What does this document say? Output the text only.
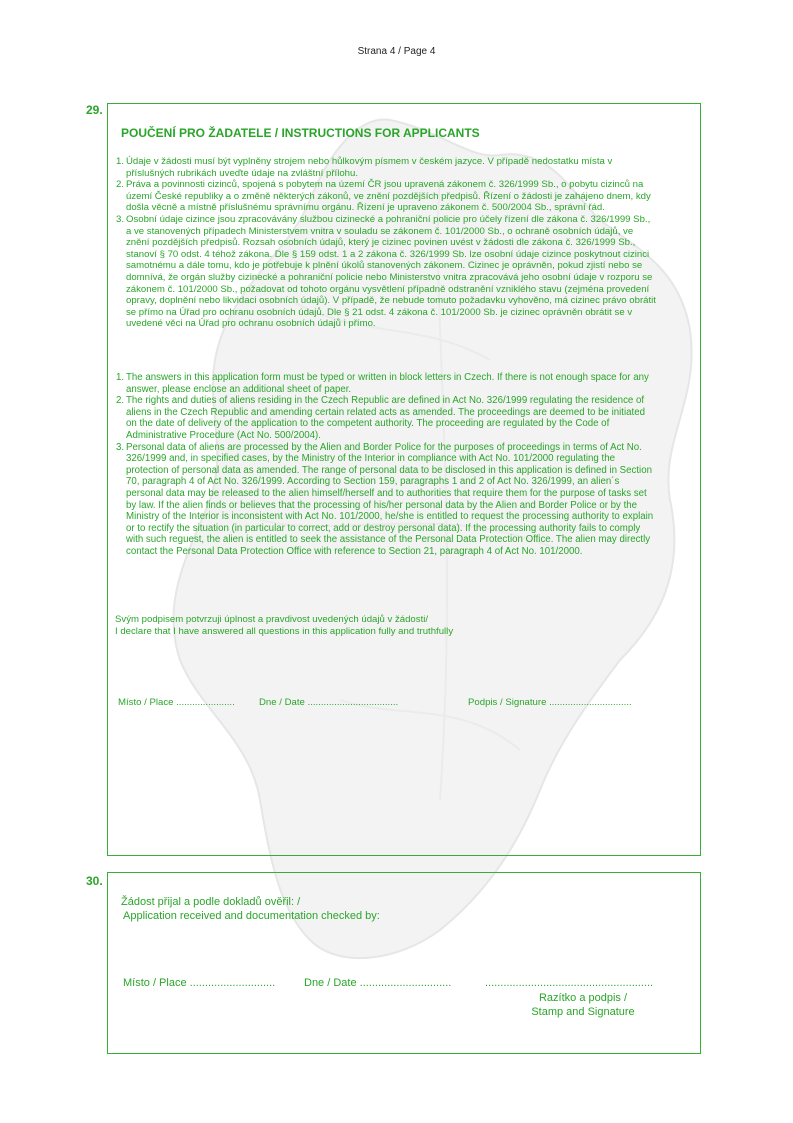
Strana 4 / Page 4
29.
POUČENÍ PRO ŽADATELE / INSTRUCTIONS FOR APPLICANTS
1. Údaje v žádosti musí být vyplněny strojem nebo hůlkovým písmem v českém jazyce. V případě nedostatku místa v příslušných rubrikách uveďte údaje na zvláštní přílohu.
2. Práva a povinnosti cizinců, spojená s pobytem na území ČR jsou upravená zákonem č. 326/1999 Sb., o pobytu cizinců na území České republiky a o změně některých zákonů, ve znění pozdějších předpisů. Řízení o žádosti je zahájeno dnem, kdy došla věcně a místně příslušnému správnímu orgánu. Řízení je upraveno zákonem č. 500/2004 Sb., správní řád.
3. Osobní údaje cizince jsou zpracovávány službou cizinecké a pohraniční policie pro účely řízení dle zákona č. 326/1999 Sb., a ve stanovených případech Ministerstvem vnitra v souladu se zákonem č. 101/2000 Sb., o ochraně osobních údajů, ve znění pozdějších předpisů. Rozsah osobních údajů, který je cizinec povinen uvést v žádosti dle zákona č. 326/1999 Sb., stanoví § 70 odst. 4 téhož zákona. Dle § 159 odst. 1 a 2 zákona č. 326/1999 Sb. lze osobní údaje cizince poskytnout cizinci samotnému a dále tomu, kdo je potřebuje k plnění úkolů stanovených zákonem. Cizinec je oprávněn, pokud zjistí nebo se domnívá, že orgán služby cizinecké a pohraniční policie nebo Ministerstvo vnitra zpracovává jeho osobní údaje v rozporu se zákonem č. 101/2000 Sb., požadovat od tohoto orgánu vysvětlení případně odstranění vzniklého stavu (zejména provedení opravy, doplnění nebo likvidaci osobních údajů). V případě, že nebude tomuto požadavku vyhověno, má cizinec právo obrátit se přímo na Úřad pro ochranu osobních údajů. Dle § 21 odst. 4 zákona č. 101/2000 Sb. je cizinec oprávněn obrátit se v uvedené věci na Úřad pro ochranu osobních údajů i přímo.
1. The answers in this application form must be typed or written in block letters in Czech. If there is not enough space for any answer, please enclose an additional sheet of paper.
2. The rights and duties of aliens residing in the Czech Republic are defined in Act No. 326/1999 regulating the residence of aliens in the Czech Republic and amending certain related acts as amended. The proceedings are deemed to be initiated on the date of delivery of the application to the competent authority. The proceeding are regulated by the Code of Administrative Procedure (Act No. 500/2004).
3. Personal data of aliens are processed by the Alien and Border Police for the purposes of proceedings in terms of Act No. 326/1999 and, in specified cases, by the Ministry of the Interior in compliance with Act No. 101/2000 regulating the protection of personal data as amended. The range of personal data to be disclosed in this application is defined in Section 70, paragraph 4 of Act No. 326/1999. According to Section 159, paragraphs 1 and 2 of Act No. 326/1999, an alien´s personal data may be released to the alien himself/herself and to authorities that require them for the purpose of tasks set by law. If the alien finds or believes that the processing of his/her personal data by the Alien and Border Police or by the Ministry of the Interior is inconsistent with Act No. 101/2000, he/she is entitled to request the processing authority to explain or to rectify the situation (in particular to correct, add or destroy personal data). If the processing authority fails to comply with such reguest, the alien is entitled to seek the assistance of the Personal Data Protection Office. The alien may directly contact the Personal Data Protection Office with reference to Section 21, paragraph 4 of Act No. 101/2000.
Svým podpisem potvrzuji úplnost a pravdivost uvedených údajů v žádosti/
I declare that I have answered all questions in this application fully and truthfully
Místo / Place ......................	Dne / Date ..................................	Podpis / Signature ...............................
30.
Žádost přijal a podle dokladů ověřil: /
Application received and documentation checked by:
Místo / Place ............................	Dne / Date ..............................	.......................................................
Razítko a podpis /
Stamp and Signature
